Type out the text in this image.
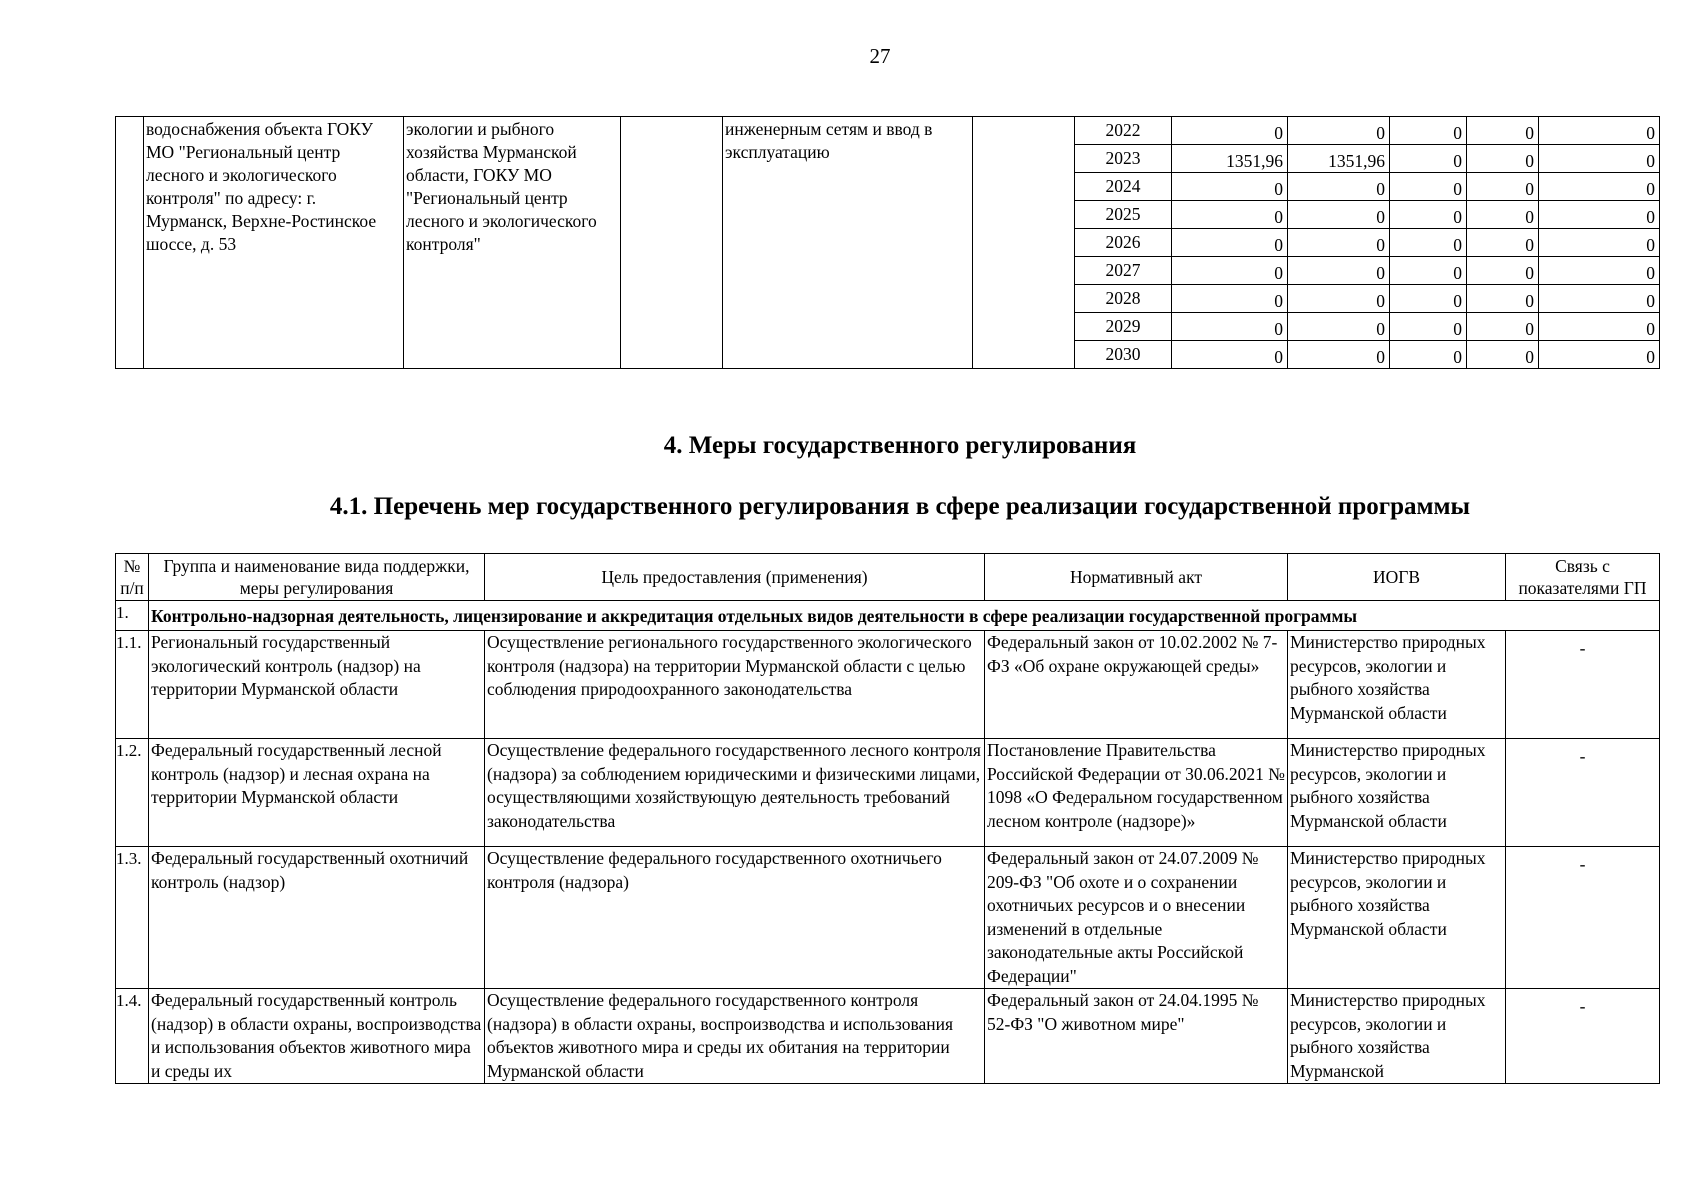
27
	водоснабжения объекта ГОКУ МО "Региональный центр лесного и экологического контроля" по адресу: г. Мурманск, Верхне-Ростинское шоссе, д. 53	экологии и рыбного хозяйства Мурманской области, ГОКУ МО "Региональный центр лесного и экологического контроля"		инженерным сетям и ввод в эксплуатацию		2022	0	0	0	0	0
						2023	1351,96	1351,96	0	0	0
						2024	0	0	0	0	0
						2025	0	0	0	0	0
						2026	0	0	0	0	0
						2027	0	0	0	0	0
						2028	0	0	0	0	0
						2029	0	0	0	0	0
						2030	0	0	0	0	0
4. Меры государственного регулирования
4.1. Перечень мер государственного регулирования в сфере реализации государственной программы
№ п/п	Группа и наименование вида поддержки, меры регулирования	Цель предоставления (применения)	Нормативный акт	ИОГВ	Связь с показателями ГП
1.	Контрольно-надзорная деятельность, лицензирование и аккредитация отдельных видов деятельности в сфере реализации государственной программы				
1.1.	Региональный государственный экологический контроль (надзор) на территории Мурманской области	Осуществление регионального государственного экологического контроля (надзора) на территории Мурманской области с целью соблюдения природоохранного законодательства	Федеральный закон от 10.02.2002 № 7-ФЗ «Об охране окружающей среды»	Министерство природных ресурсов, экологии и рыбного хозяйства Мурманской области	-
1.2.	Федеральный государственный лесной контроль (надзор) и лесная охрана на территории Мурманской области	Осуществление федерального государственного лесного контроля (надзора) за соблюдением юридическими и физическими лицами, осуществляющими хозяйствующую деятельность требований законодательства	Постановление Правительства Российской Федерации от 30.06.2021 № 1098 «О Федеральном государственном лесном контроле (надзоре)»	Министерство природных ресурсов, экологии и рыбного хозяйства Мурманской области	-
1.3.	Федеральный государственный охотничий контроль (надзор)	Осуществление федерального государственного охотничьего контроля (надзора)	Федеральный закон от 24.07.2009 № 209-ФЗ "Об охоте и о сохранении охотничьих ресурсов и о внесении изменений в отдельные законодательные акты Российской Федерации"	Министерство природных ресурсов, экологии и рыбного хозяйства Мурманской области	-
1.4.	Федеральный государственный контроль (надзор) в области охраны, воспроизводства и использования объектов животного мира и среды их	Осуществление федерального государственного контроля (надзора) в области охраны, воспроизводства и использования объектов животного мира и среды их обитания на территории Мурманской области	Федеральный закон от 24.04.1995 № 52-ФЗ "О животном мире"	Министерство природных ресурсов, экологии и рыбного хозяйства Мурманской	-
